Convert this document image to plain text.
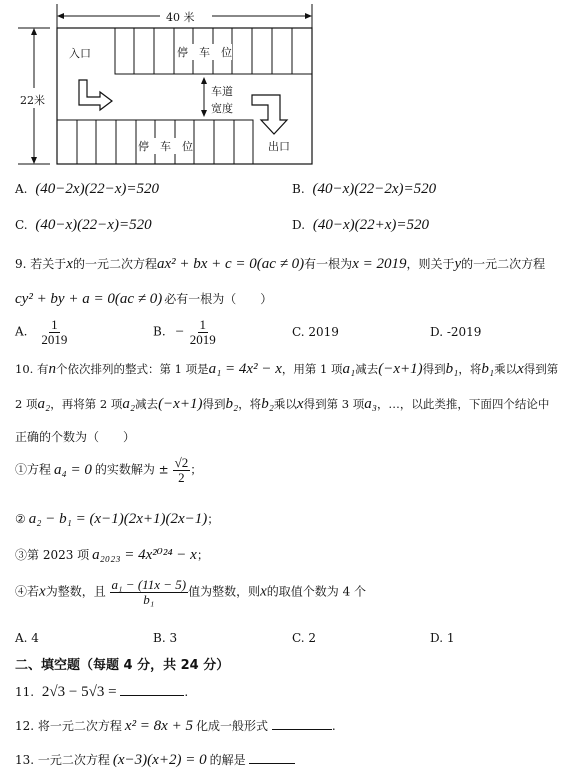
40 米
22米
入口
出口
停　车　位
停　车　位
车道
宽度
A. (40−2x)(22−x)=520	B. (40−x)(22−2x)=520
C. (40−x)(22−x)=520	D. (40−x)(22+x)=520
9. 若关于x的一元二次方程ax² + bx + c = 0(ac ≠ 0)有一根为x = 2019，则关于y的一元二次方程
cy² + by + a = 0(ac ≠ 0) 必有一根为（　　）
A. $\frac{1}{2019}$	B. − $\frac{1}{2019}$	C. 2019	D. -2019
10. 有n个依次排列的整式：第 1 项是a₁ = 4x² − x，用第 1 项a₁减去(−x+1)得到b₁，将b₁乘以x得到第
2 项a₂，再将第 2 项a₂减去(−x+1)得到b₂，将b₂乘以x得到第 3 项a₃，…，以此类推，下面四个结论中
正确的个数为（　　）
①方程 a₄ = 0 的实数解为 ± $\frac{√2}{2}$ ；
② a₂ − b₁ = (x−1)(2x+1)(2x−1)；
③第 2023 项 a₂₀₂₃ = 4x²⁰²⁴ − x；
④若x为整数，且 $\frac{\text{a₁ − (11x − 5)}}{\text{b₁}}$ 值为整数，则x的取值个数为 4 个
A. 4	B. 3	C. 2	D. 1
二、填空题（每题 4 分，共 24 分）
11. 2√3 − 5√3 =	.
12. 将一元二次方程 x² = 8x + 5 化成一般形式	.
13. 一元二次方程 (x−3)(x+2) = 0 的解是
